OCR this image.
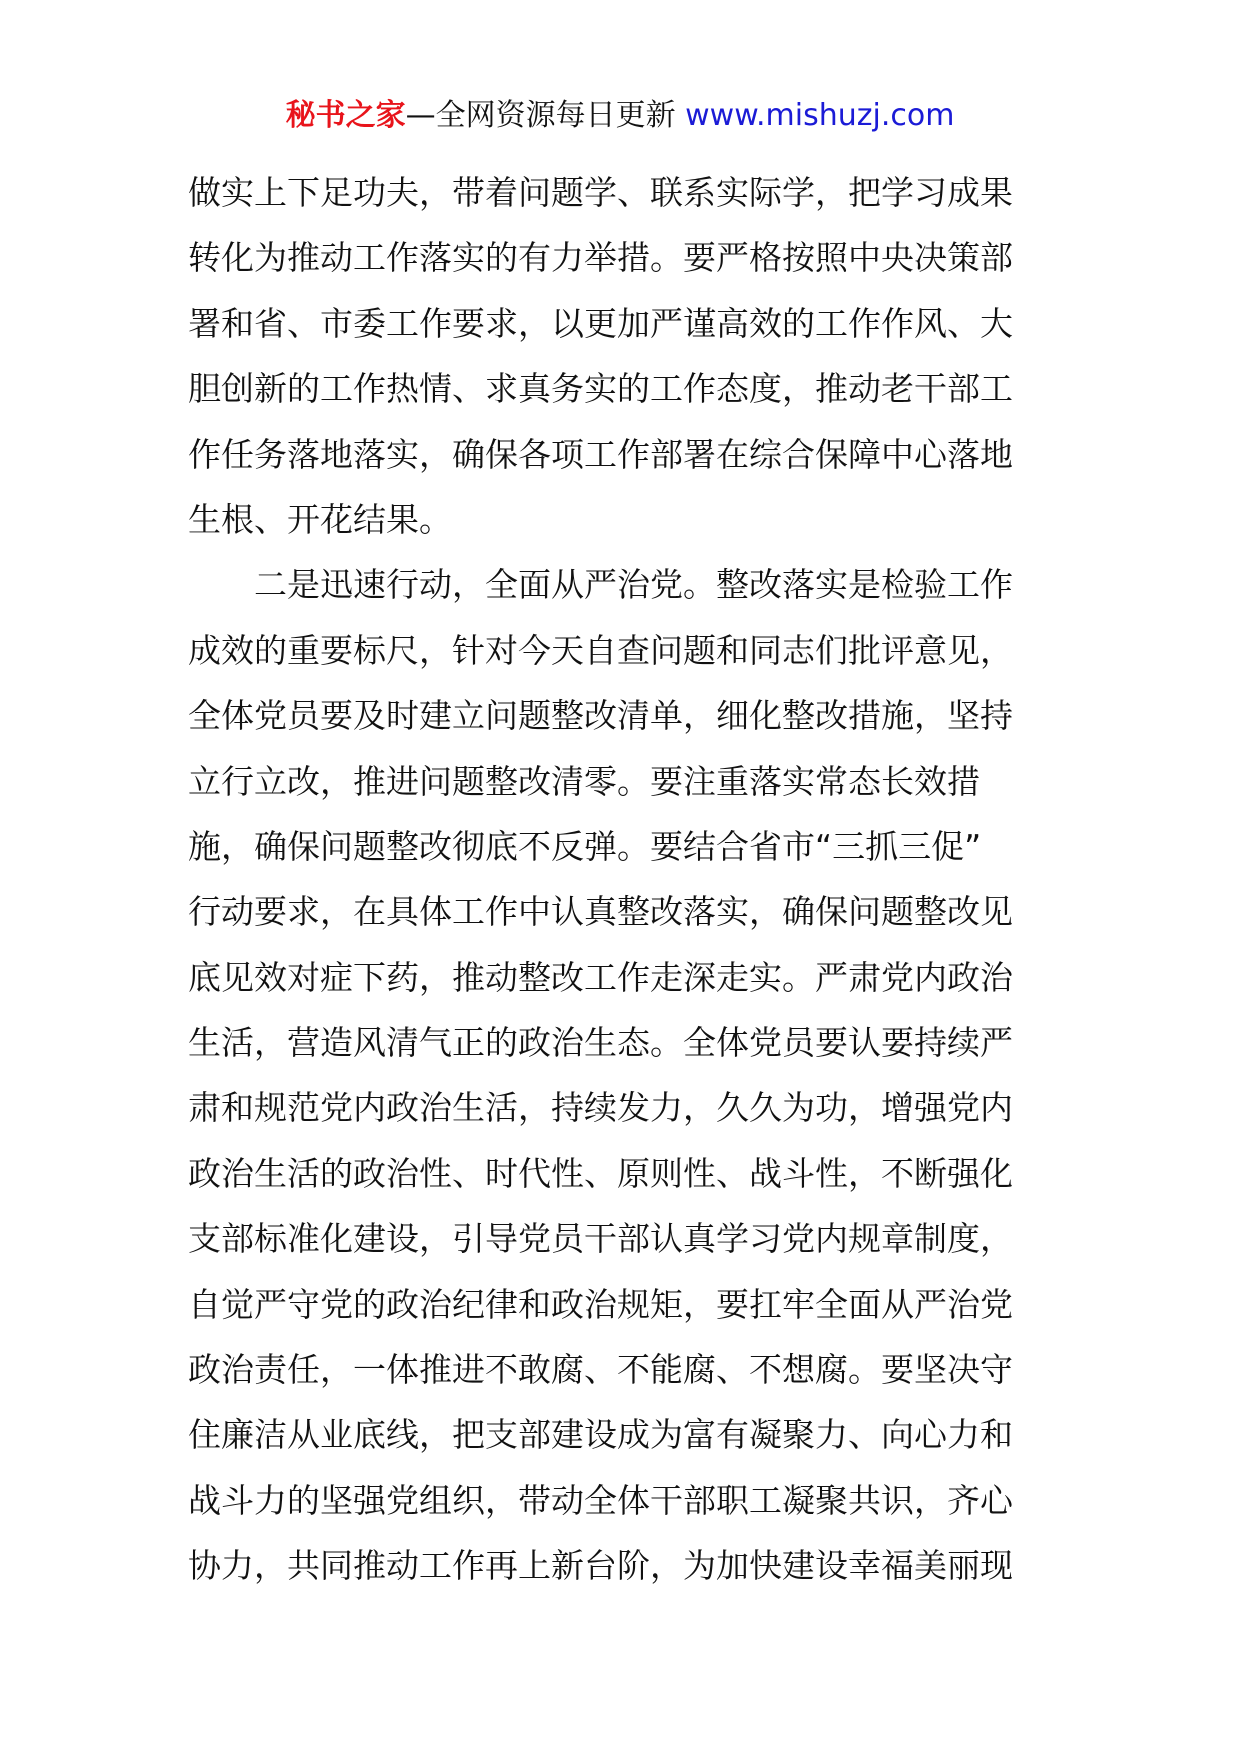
秘书之家—全网资源每日更新 www.mishuzj.com
做实上下足功夫，带着问题学、联系实际学，把学习成果
转化为推动工作落实的有力举措。要严格按照中央决策部
署和省、市委工作要求，以更加严谨高效的工作作风、大
胆创新的工作热情、求真务实的工作态度，推动老干部工
作任务落地落实，确保各项工作部署在综合保障中心落地
生根、开花结果。
二是迅速行动，全面从严治党。整改落实是检验工作
成效的重要标尺，针对今天自查问题和同志们批评意见，
全体党员要及时建立问题整改清单，细化整改措施，坚持
立行立改，推进问题整改清零。要注重落实常态长效措
施，确保问题整改彻底不反弹。要结合省市“三抓三促”
行动要求，在具体工作中认真整改落实，确保问题整改见
底见效对症下药，推动整改工作走深走实。严肃党内政治
生活，营造风清气正的政治生态。全体党员要认要持续严
肃和规范党内政治生活，持续发力，久久为功，增强党内
政治生活的政治性、时代性、原则性、战斗性，不断强化
支部标准化建设，引导党员干部认真学习党内规章制度，
自觉严守党的政治纪律和政治规矩，要扛牢全面从严治党
政治责任，一体推进不敢腐、不能腐、不想腐。要坚决守
住廉洁从业底线，把支部建设成为富有凝聚力、向心力和
战斗力的坚强党组织，带动全体干部职工凝聚共识，齐心
协力，共同推动工作再上新台阶，为加快建设幸福美丽现
